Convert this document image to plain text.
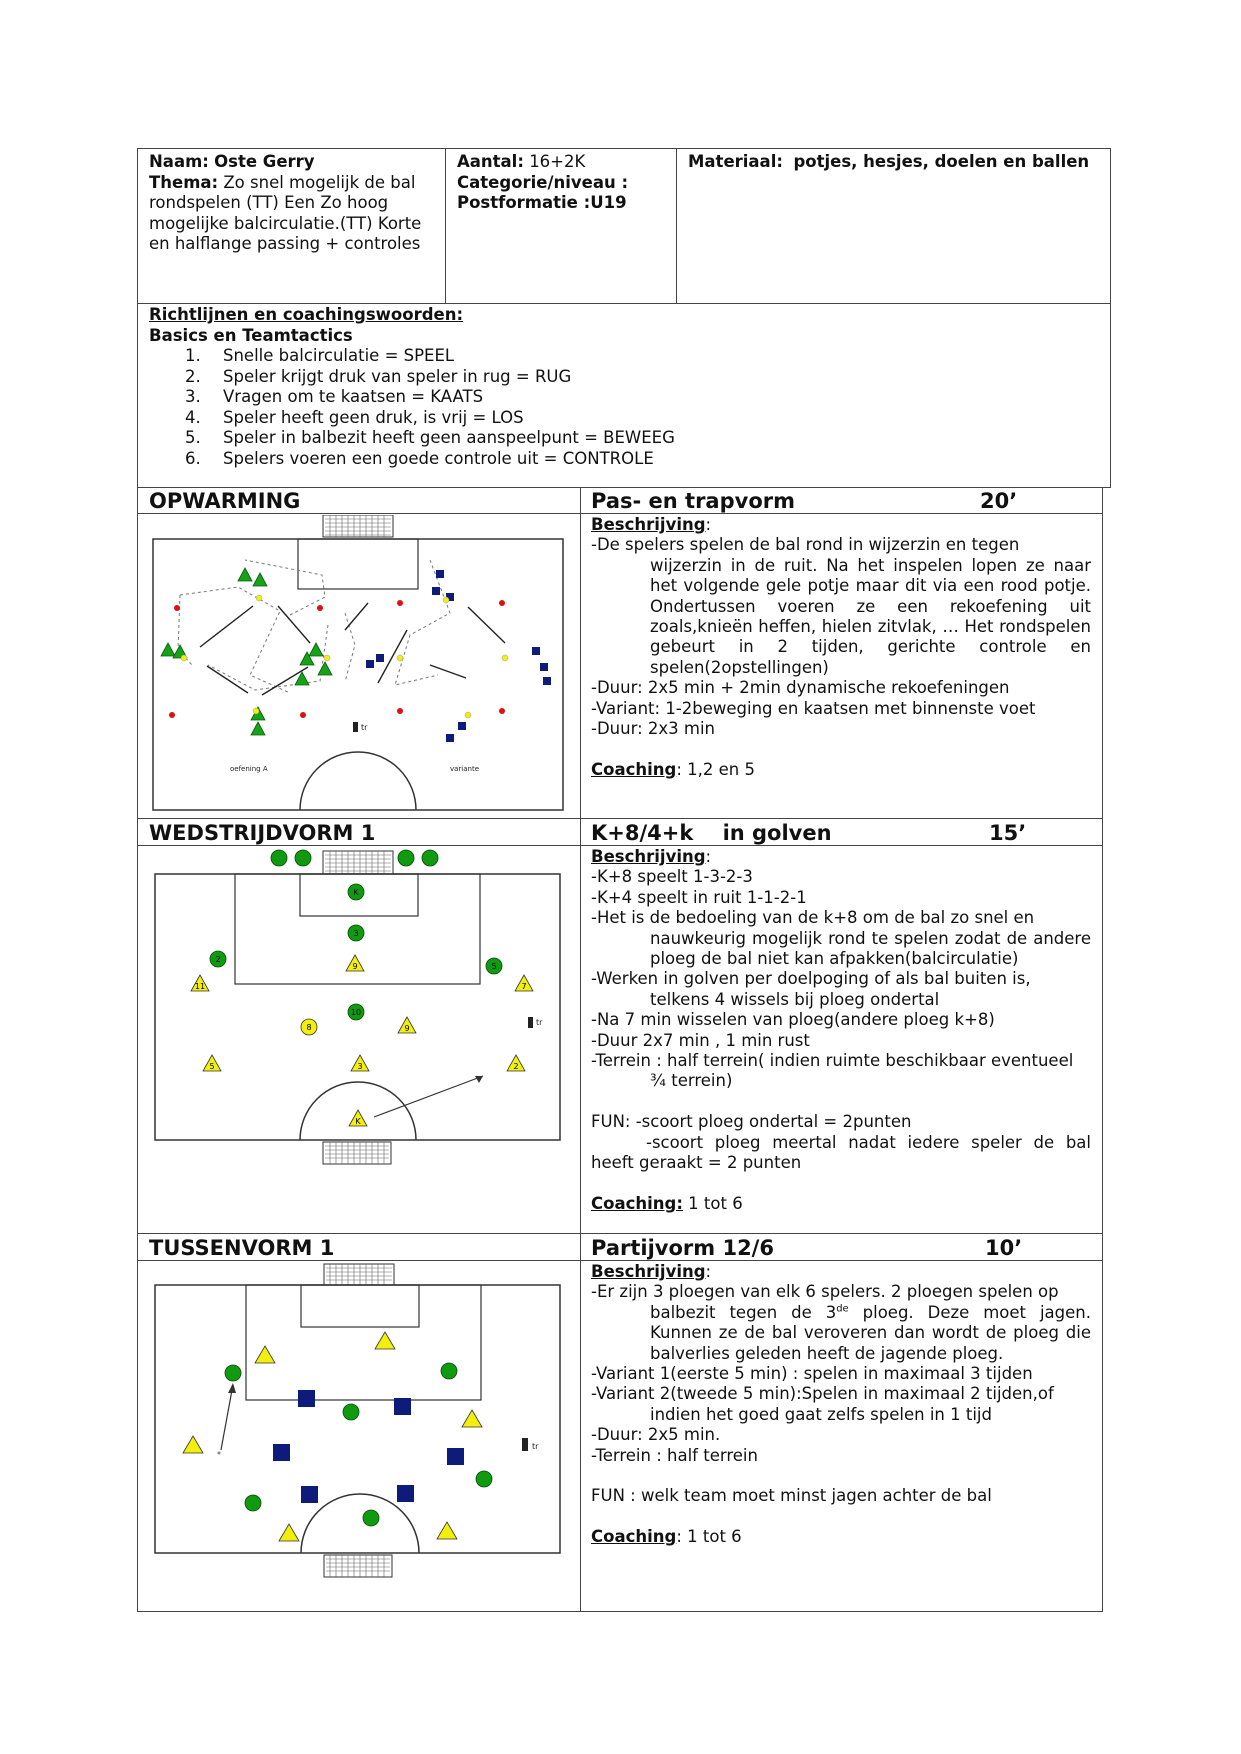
Naam: Oste Gerry
Thema: Zo snel mogelijk de bal rondspelen (TT) Een Zo hoog mogelijke balcirculatie.(TT) Korte en halflange passing + controles
Aantal: 16+2K
Categorie/niveau :
Postformatie :U19
Materiaal: potjes, hesjes, doelen en ballen
Richtlijnen en coachingswoorden:
Basics en Teamtactics
1. Snelle balcirculatie = SPEEL
2. Speler krijgt druk van speler in rug = RUG
3. Vragen om te kaatsen = KAATS
4. Speler heeft geen druk, is vrij = LOS
5. Speler in balbezit heeft geen aanspeelpunt = BEWEEG
6. Spelers voeren een goede controle uit = CONTROLE
OPWARMING	Pas- en trapvorm	20’
oefening A	variante
tr

Beschrijving:

-De spelers spelen de bal rond in wijzerzin en tegen

wijzerzin in de ruit. Na het inspelen lopen ze naar het volgende gele potje maar dit via een rood potje. Ondertussen voeren ze een rekoefening uit zoals,knieën heffen, hielen zitvlak, … Het rondspelen gebeurt in 2 tijden, gerichte controle en spelen(2opstellingen)

-Duur: 2x5 min + 2min dynamische rekoefeningen

-Variant: 1-2beweging en kaatsen met binnenste voet

-Duur: 2x3 min

Coaching: 1,2 en 5

WEDSTRIJDVORM 1	K+8/4+k    in golven	15’
K
3
2
5
10
9
11	7
8	9
5	3	2
K
tr

Beschrijving:

-K+8 speelt 1-3-2-3

-K+4 speelt in ruit 1-1-2-1

-Het is de bedoeling van de k+8 om de bal zo snel en

nauwkeurig mogelijk rond te spelen zodat de andere ploeg de bal niet kan afpakken(balcirculatie)

-Werken in golven per doelpoging of als bal buiten is,

telkens 4 wissels bij ploeg ondertal

-Na 7 min wisselen van ploeg(andere ploeg k+8)

-Duur 2x7 min , 1 min rust

-Terrein : half terrein( indien ruimte beschikbaar eventueel

¾ terrein)

FUN: -scoort ploeg ondertal = 2punten

-scoort ploeg meertal nadat iedere speler de bal heeft geraakt = 2 punten

Coaching: 1 tot 6

TUSSENVORM 1	Partijvorm 12/6	10’
tr

Beschrijving:

-Er zijn 3 ploegen van elk 6 spelers. 2 ploegen spelen op

balbezit tegen de 3de ploeg. Deze moet jagen. Kunnen ze de bal veroveren dan wordt de ploeg die balverlies geleden heeft de jagende ploeg.

-Variant 1(eerste 5 min) : spelen in maximaal 3 tijden

-Variant 2(tweede 5 min):Spelen in maximaal 2 tijden,of

indien het goed gaat zelfs spelen in 1 tijd

-Duur: 2x5 min.

-Terrein : half terrein

FUN : welk team moet minst jagen achter de bal

Coaching: 1 tot 6
